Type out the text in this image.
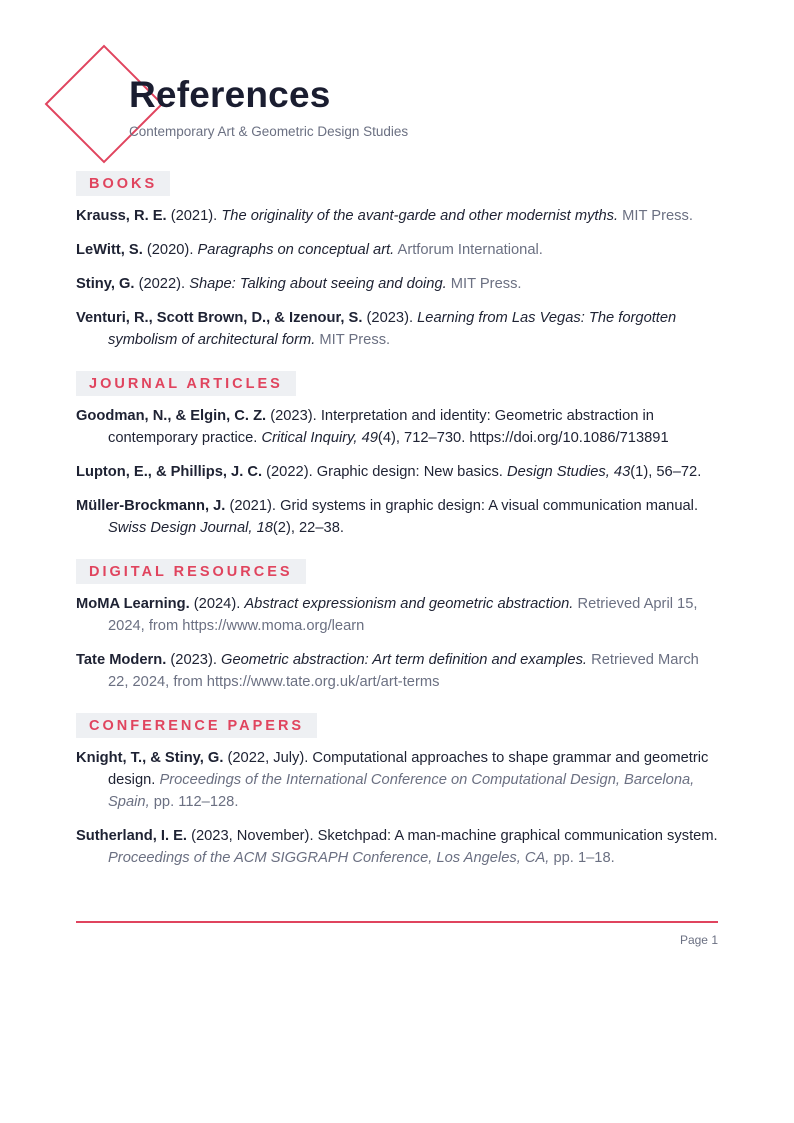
References
Contemporary Art & Geometric Design Studies
BOOKS
Krauss, R. E. (2021). The originality of the avant-garde and other modernist myths. MIT Press.
LeWitt, S. (2020). Paragraphs on conceptual art. Artforum International.
Stiny, G. (2022). Shape: Talking about seeing and doing. MIT Press.
Venturi, R., Scott Brown, D., & Izenour, S. (2023). Learning from Las Vegas: The forgotten symbolism of architectural form. MIT Press.
JOURNAL ARTICLES
Goodman, N., & Elgin, C. Z. (2023). Interpretation and identity: Geometric abstraction in contemporary practice. Critical Inquiry, 49(4), 712–730. https://doi.org/10.1086/713891
Lupton, E., & Phillips, J. C. (2022). Graphic design: New basics. Design Studies, 43(1), 56–72.
Müller-Brockmann, J. (2021). Grid systems in graphic design: A visual communication manual. Swiss Design Journal, 18(2), 22–38.
DIGITAL RESOURCES
MoMA Learning. (2024). Abstract expressionism and geometric abstraction. Retrieved April 15, 2024, from https://www.moma.org/learn
Tate Modern. (2023). Geometric abstraction: Art term definition and examples. Retrieved March 22, 2024, from https://www.tate.org.uk/art/art-terms
CONFERENCE PAPERS
Knight, T., & Stiny, G. (2022, July). Computational approaches to shape grammar and geometric design. Proceedings of the International Conference on Computational Design, Barcelona, Spain, pp. 112–128.
Sutherland, I. E. (2023, November). Sketchpad: A man-machine graphical communication system. Proceedings of the ACM SIGGRAPH Conference, Los Angeles, CA, pp. 1–18.
Page 1
